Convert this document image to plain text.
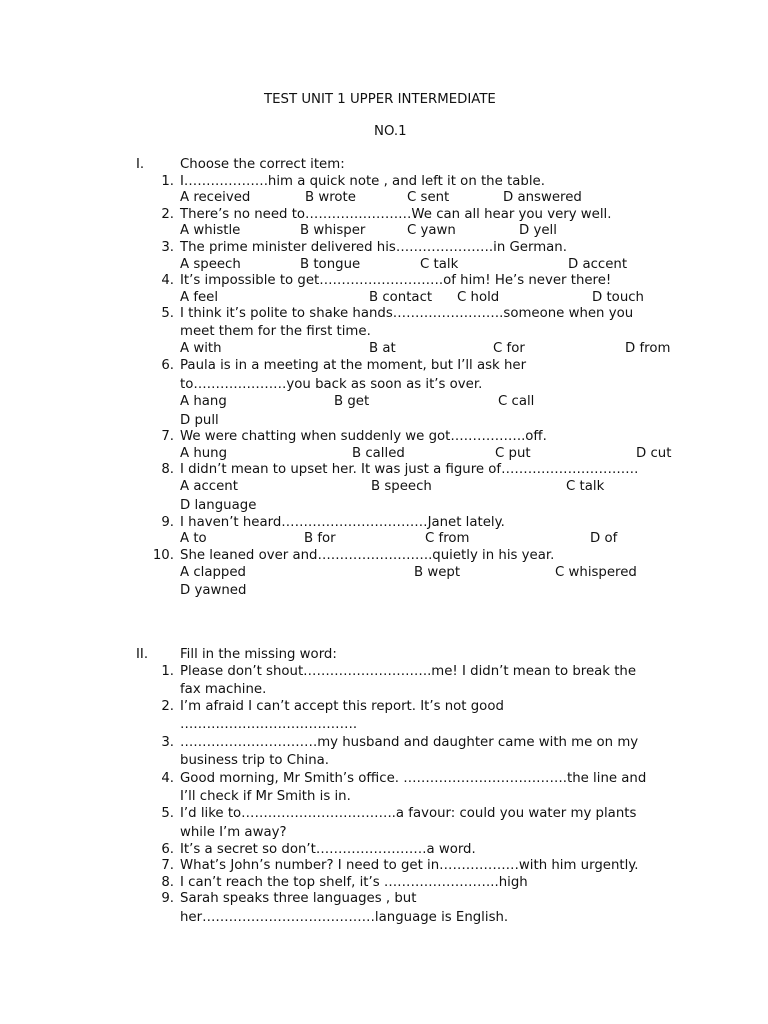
TEST UNIT 1 UPPER INTERMEDIATE
NO.1
I.	Choose the correct item:
1. I……………….him a quick note , and left it on the table.
A received	B wrote	C sent	D answered
2. There’s no need to……………………We can all hear you very well.
A whistle	B whisper	C yawn	D yell
3. The prime minister delivered his………………….in German.
A speech	B tongue	C talk	D accent
4. It’s impossible to get……………………….of him! He’s never there!
A feel	B contact C hold	D touch
5. I think it’s polite to shake hands…………………….someone when you
meet them for the first time.
A with	B at	C for	D from
6. Paula is in a meeting at the moment, but I’ll ask her
to…………………you back as soon as it’s over.
A hang	B get	C call
D pull
7. We were chatting when suddenly we got……………..off.
A hung	B called	C put	D cut
8. I didn’t mean to upset her. It was just a figure of………………………….
A accent	B speech	C talk
D language
9. I haven’t heard……………………………Janet lately.
A to	B for	C from	D of
10. She leaned over and……………………..quietly in his year.
A clapped	B wept	C whispered
D yawned
II. Fill in the missing word:
1. Please don’t shout………………………..me! I didn’t mean to break the
fax machine.
2. I’m afraid I can’t accept this report. It’s not good
………………………………….
3. ………………………….my husband and daughter came with me on my
business trip to China.
4. Good morning, Mr Smith’s office. ……………………………….the line and
I’ll check if Mr Smith is in.
5. I’d like to……………………………..a favour: could you water my plants
while I’m away?
6. It’s a secret so don’t…………………….a word.
7. What’s John’s number? I need to get in………………with him urgently.
8. I can’t reach the top shelf, it’s ……………………..high
9. Sarah speaks three languages , but
her…………………………………language is English.
